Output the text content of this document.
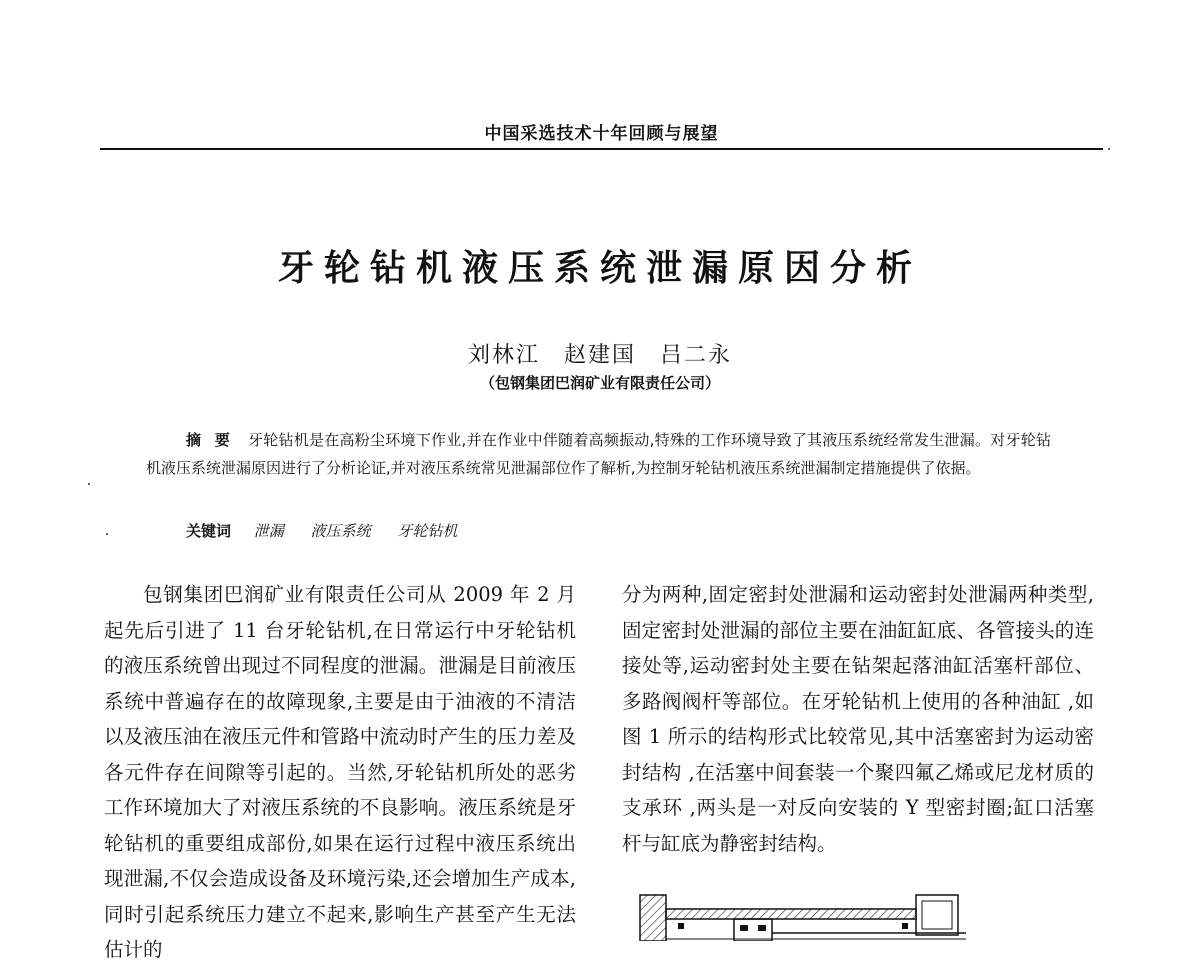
中国采选技术十年回顾与展望
牙轮钻机液压系统泄漏原因分析
刘林江　赵建国　吕二永
（包钢集团巴润矿业有限责任公司）
摘 要 牙轮钻机是在高粉尘环境下作业,并在作业中伴随着高频振动,特殊的工作环境导致了其液压系统经常发生泄漏。对牙轮钻机液压系统泄漏原因进行了分析论证,并对液压系统常见泄漏部位作了解析,为控制牙轮钻机液压系统泄漏制定措施提供了依据。
关键词 泄漏 液压系统 牙轮钻机

包钢集团巴润矿业有限责任公司从 2009 年 2 月起先后引进了 11 台牙轮钻机,在日常运行中牙轮钻机的液压系统曾出现过不同程度的泄漏。泄漏是目前液压系统中普遍存在的故障现象,主要是由于油液的不清洁以及液压油在液压元件和管路中流动时产生的压力差及各元件存在间隙等引起的。当然,牙轮钻机所处的恶劣工作环境加大了对液压系统的不良影响。液压系统是牙轮钻机的重要组成部份,如果在运行过程中液压系统出现泄漏,不仅会造成设备及环境污染,还会增加生产成本,同时引起系统压力建立不起来,影响生产甚至产生无法估计的

分为两种,固定密封处泄漏和运动密封处泄漏两种类型,固定密封处泄漏的部位主要在油缸缸底、各管接头的连接处等,运动密封处主要在钻架起落油缸活塞杆部位、多路阀阀杆等部位。在牙轮钻机上使用的各种油缸 ,如图 1 所示的结构形式比较常见,其中活塞密封为运动密封结构 ,在活塞中间套装一个聚四氟乙烯或尼龙材质的支承环 ,两头是一对反向安装的 Y 型密封圈;缸口活塞杆与缸底为静密封结构。
